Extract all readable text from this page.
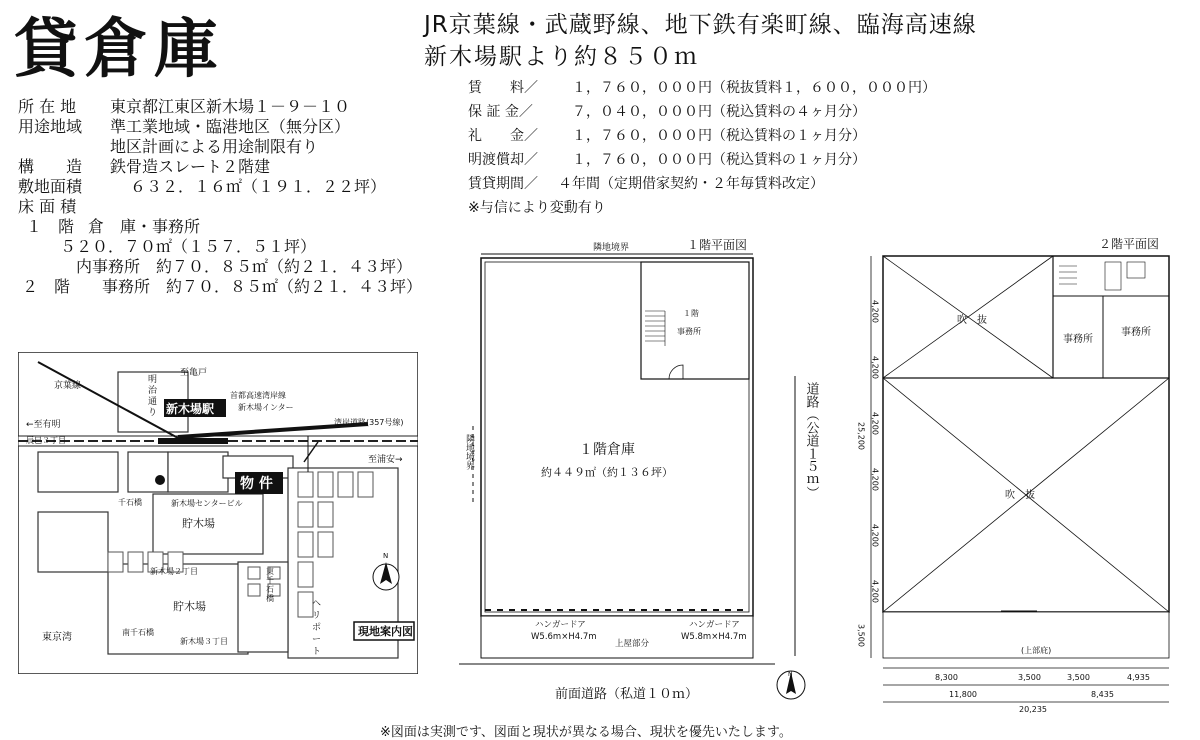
貸倉庫	JR京葉線・武蔵野線、地下鉄有楽町線、臨海高速線
新木場駅より約８５０ｍ
所 在 地 東京都江東区新木場１－９－１０
用途地域 準工業地域・臨港地区（無分区）
地区計画による用途制限有り
構　　造 鉄骨造スレート２階建
敷地面積	６３２．１６㎡（１９１．２２坪）
床 面 積
１　階 倉　庫・事務所
５２０．７０㎡（１５７．５１坪）
内事務所　約７０．８５㎡（約２１．４３坪）
２　階 事務所　約７０．８５㎡（約２１．４３坪）
賃　　料／ １，７６０，０００円（税抜賃料１，６００，０００円）
保 証 金／	７，０４０，０００円（税込賃料の４ヶ月分）
礼　　金／ １，７６０，０００円（税込賃料の１ヶ月分）
明渡償却／ １，７６０，０００円（税込賃料の１ヶ月分）
賃貸期間／ ４年間（定期借家契約・２年毎賃料改定）
※与信により変動有り
京葉線
明
治
通
り
至亀戸
←至有明
辰巳３丁目
首都高速湾岸線
新木場インター
湾岸道路(357号線)
至浦安→
新木場センタービル
千石橋
貯木場
新木場２丁目
貯木場
東
千
石
橋
南千石橋
新木場３丁目
東京湾
ヘ
リ
ポ
ー
ト
N
新木場駅
物 件
現地案内図
隣地境界	１階平面図
１階
事務所
隣地境界	１階倉庫
約４４９㎡（約１３６坪）
ハンガードア
W5.6m×H4.7m
ハンガードア
W5.8m×H4.7m
上屋部分
前面道路（私道１０ｍ）
N
道路（公道１５ｍ）
２階平面図
吹　抜
事務所
事務所
吹　抜
(上部庇)
4,200
4,200
4,200
4,200
4,200
4,200
25,200
3,500
8,300	3,500	3,500	4,935
11,800	8,435
20,235
※図面は実測です、図面と現状が異なる場合、現状を優先いたします。
